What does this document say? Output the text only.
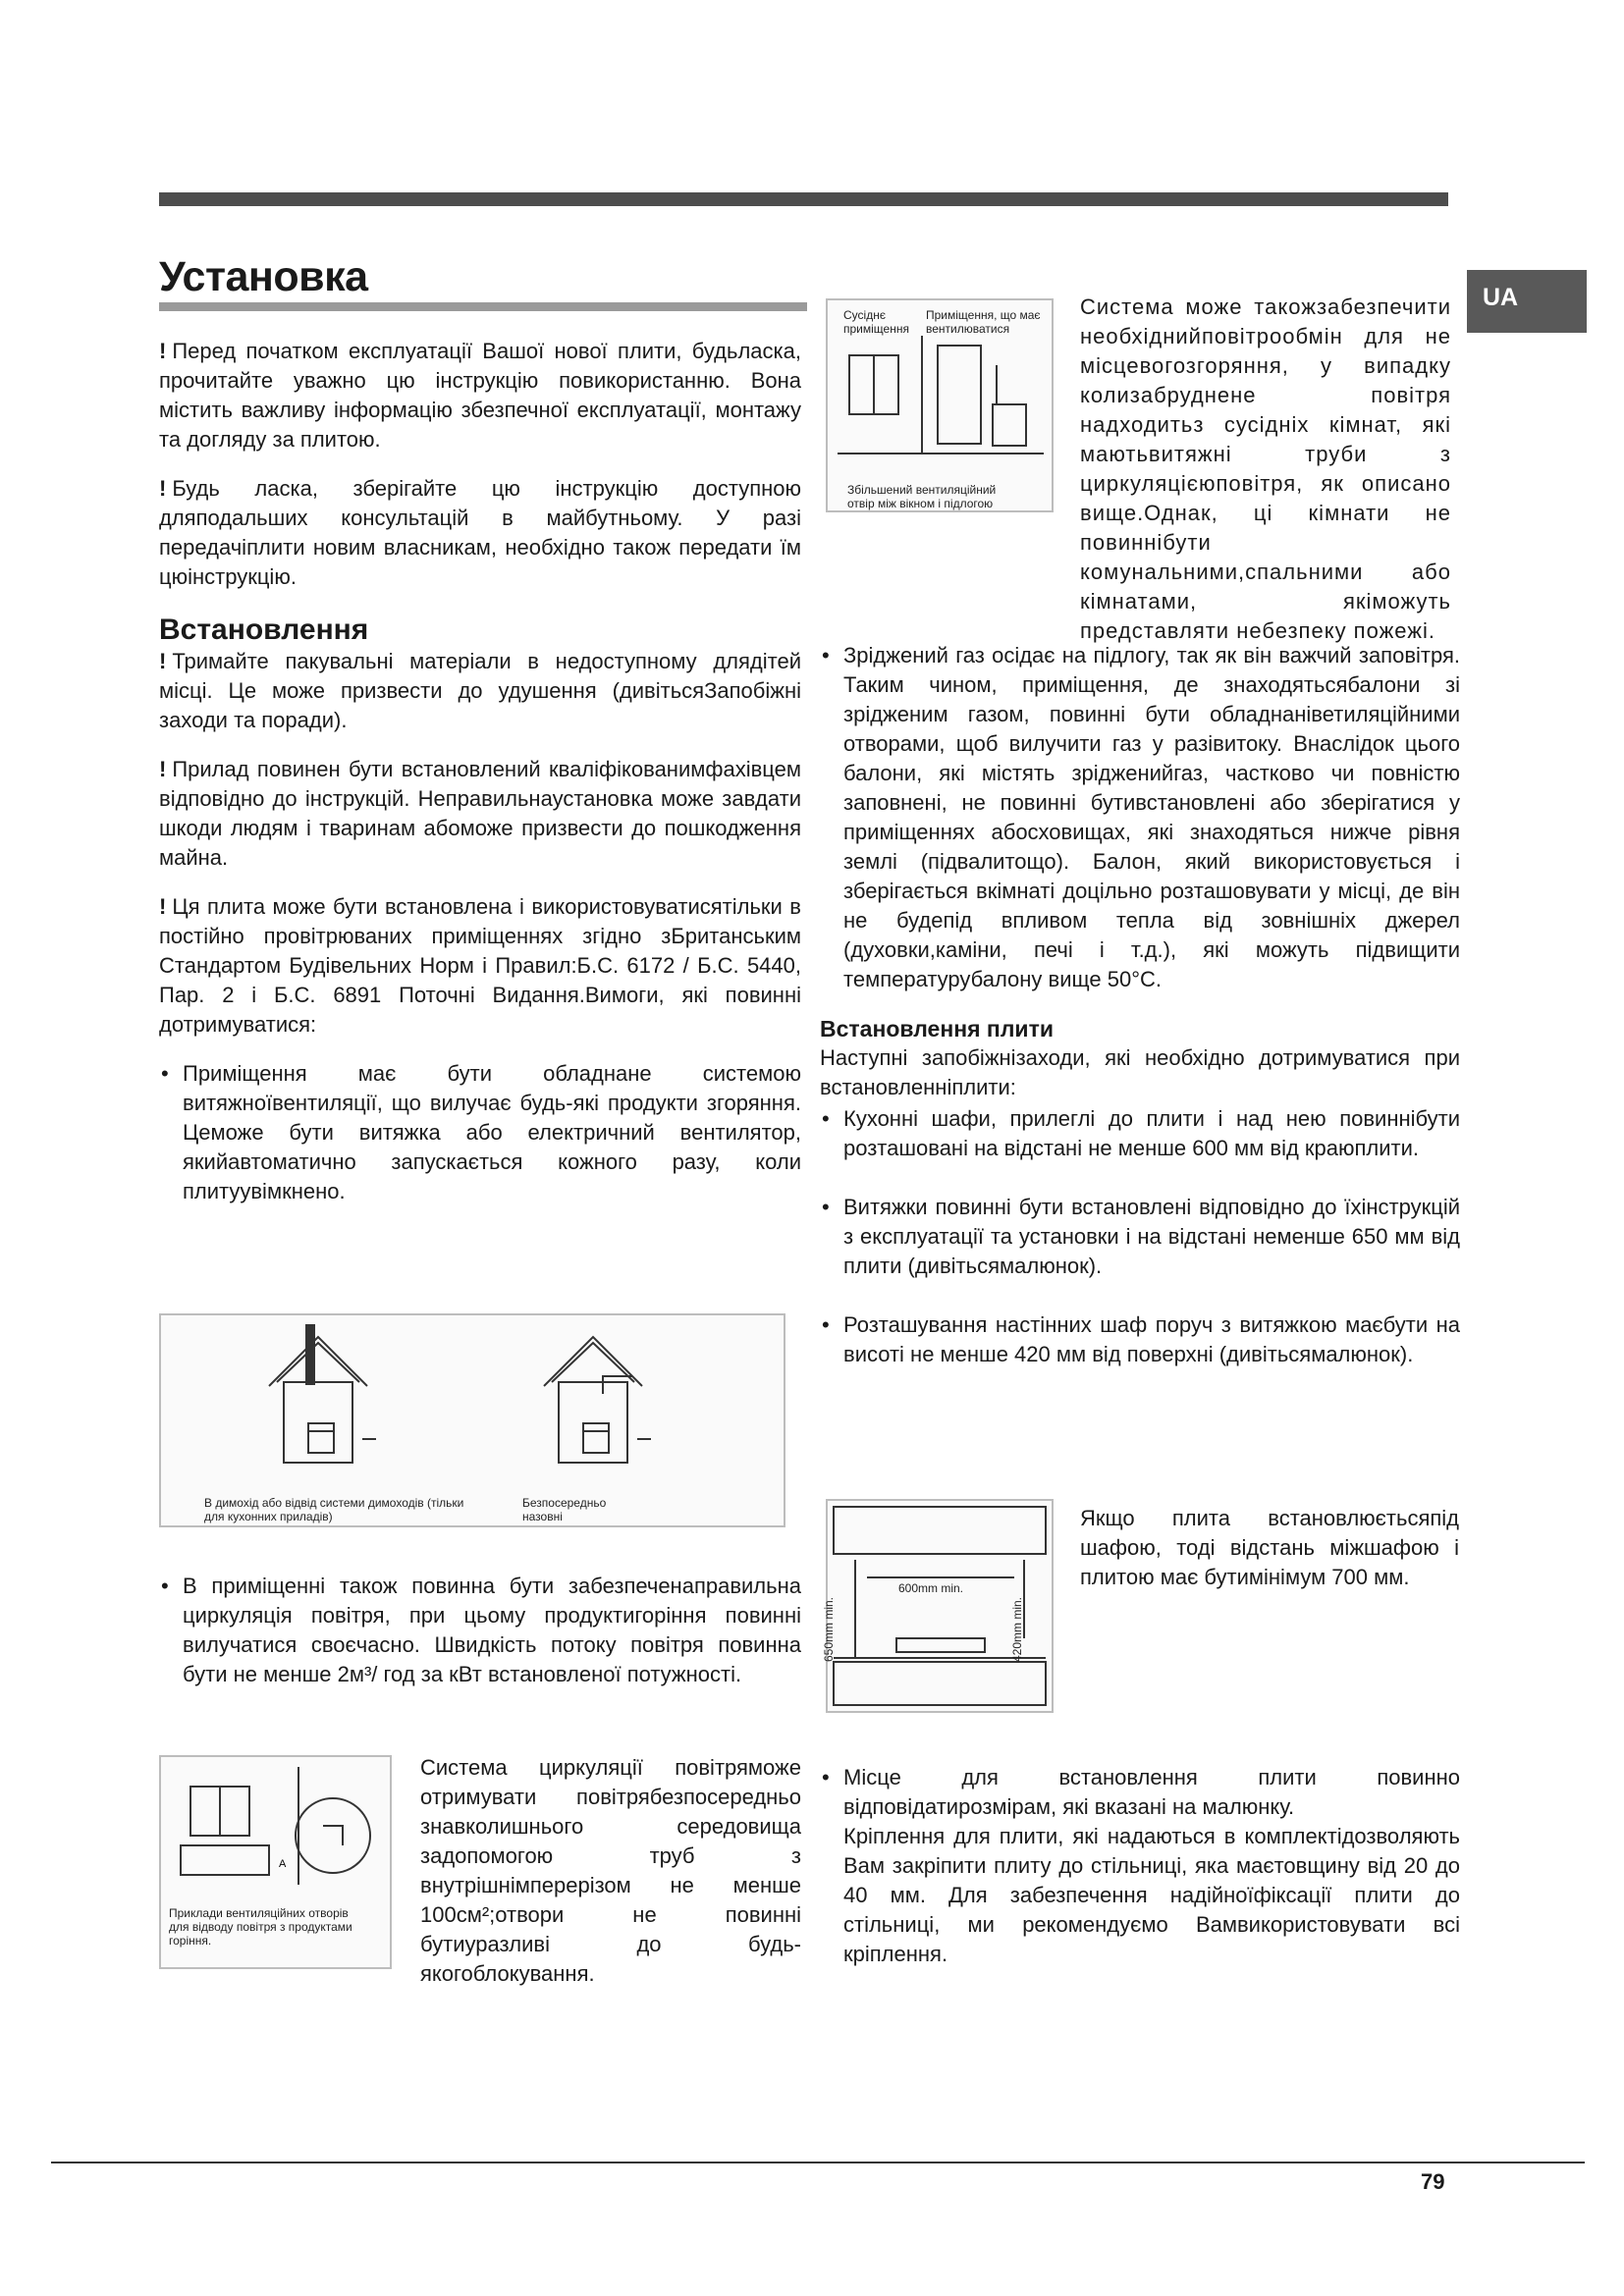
Установка	UA

! Перед початком експлуатації Вашої нової плити, будьласка, прочитайте уважно цю інструкцію повикористанню. Вона містить важливу інформацію збезпечної експлуатації, монтажу та догляду за плитою.

! Будь ласка, зберігайте цю інструкцію доступною дляподальших консультацій в майбутньому. У разі передачіплити новим власникам, необхідно також передати їм цюінструкцію.

Встановлення

! Тримайте пакувальні матеріали в недоступному длядітей місці. Це може призвести до удушення (дивітьсяЗапобіжні заходи та поради).

! Прилад повинен бути встановлений кваліфікованимфахівцем відповідно до інструкцій. Неправильнаустановка може завдати шкоди людям і тваринам абоможе призвести до пошкодження майна.

! Ця плита може бути встановлена і використовуватисятільки в постійно провітрюваних приміщеннях згідно зБританським Стандартом Будівельних Норм і Правил:Б.С. 6172 / Б.С. 5440, Пар. 2 і Б.С. 6891 Поточні Видання.Вимоги, які повинні дотримуватися:

• Приміщення має бути обладнане системою витяжноївентиляції, що вилучає будь-які продукти згоряння. Цеможе бути витяжка або електричний вентилятор, якийавтоматично запускається кожного разу, коли плитуувімкнено.
В димохід або відвід системи димоходів (тільки для кухонних приладів)
Безпосередньо назовні
• В приміщенні також повинна бути забезпеченаправильна циркуляція повітря, при цьому продуктигоріння повинні вилучатися своєчасно. Швидкість потоку повітря повинна бути не менше 2м³/ год за кВт встановленої потужності.
A
Приклади вентиляційних отворів для відводу повітря з продуктами горіння.
Система циркуляції повітряможе отримувати повітрябезпосередньо знавколишнього середовища задопомогою труб з внутрішнімперерізом не менше 100см²;отвори не повинні бутиуразливі до будь-якогоблокування.
Сусіднє приміщення
Приміщення, що має вентилюватися
Збільшений вентиляційний отвір між вікном і підлогою
Система може такожзабезпечити необхіднийповітрообмін для не місцевогозгоряння, у випадку колизабруднене повітря надходитьз сусідніх кімнат, які маютьвитяжні труби з циркуляцієюповітря, як описано вище.Однак, ці кімнати не повиннібути комунальними,спальними або кімнатами, якіможуть представляти небезпеку пожежі.
• Зріджений газ осідає на підлогу, так як він важчий заповітря. Таким чином, приміщення, де знаходятьсябалони зі зрідженим газом, повинні бути обладнаніветиляційними отворами, щоб вилучити газ у разівитоку. Внаслідок цього балони, які містять зрідженийгаз, частково чи повністю заповнені, не повинні бутивстановлені або зберігатися у приміщеннях абосховищах, які знаходяться нижче рівня землі (підвалитощо). Балон, який використовується і зберігається вкімнаті доцільно розташовувати у місці, де він не будепід впливом тепла від зовнішніх джерел (духовки,каміни, печі і т.д.), які можуть підвищити температурубалону вище 50°С.
Встановлення плити

Наступні запобіжнізаходи, які необхідно дотримуватися при встановленніплити:

• Кухонні шафи, прилеглі до плити і над нею повиннібути розташовані на відстані не менше 600 мм від краюплити.
• Витяжки повинні бути встановлені відповідно до їхінструкцій з експлуатації та установки і на відстані неменше 650 мм від плити (дивітьсямалюнок).
• Розташування настінних шаф поруч з витяжкою маєбути на висоті не менше 420 мм від поверхні (дивітьсямалюнок).
600mm min.
650mm min.	420mm min.
Якщо плита встановлюєтьсяпід шафою, тоді відстань міжшафою і плитою має бутимінімум 700 мм.
• Місце для встановлення плити повинно відповідатирозмірам, які вказані на малюнку.
Кріплення для плити, які надаються в комплектідозволяють Вам закріпити плиту до стільниці, яка маєтовщину від 20 до 40 мм. Для забезпечення надійноїфіксації плити до стільниці, ми рекомендуємо Вамвикористовувати всі кріплення.
79
